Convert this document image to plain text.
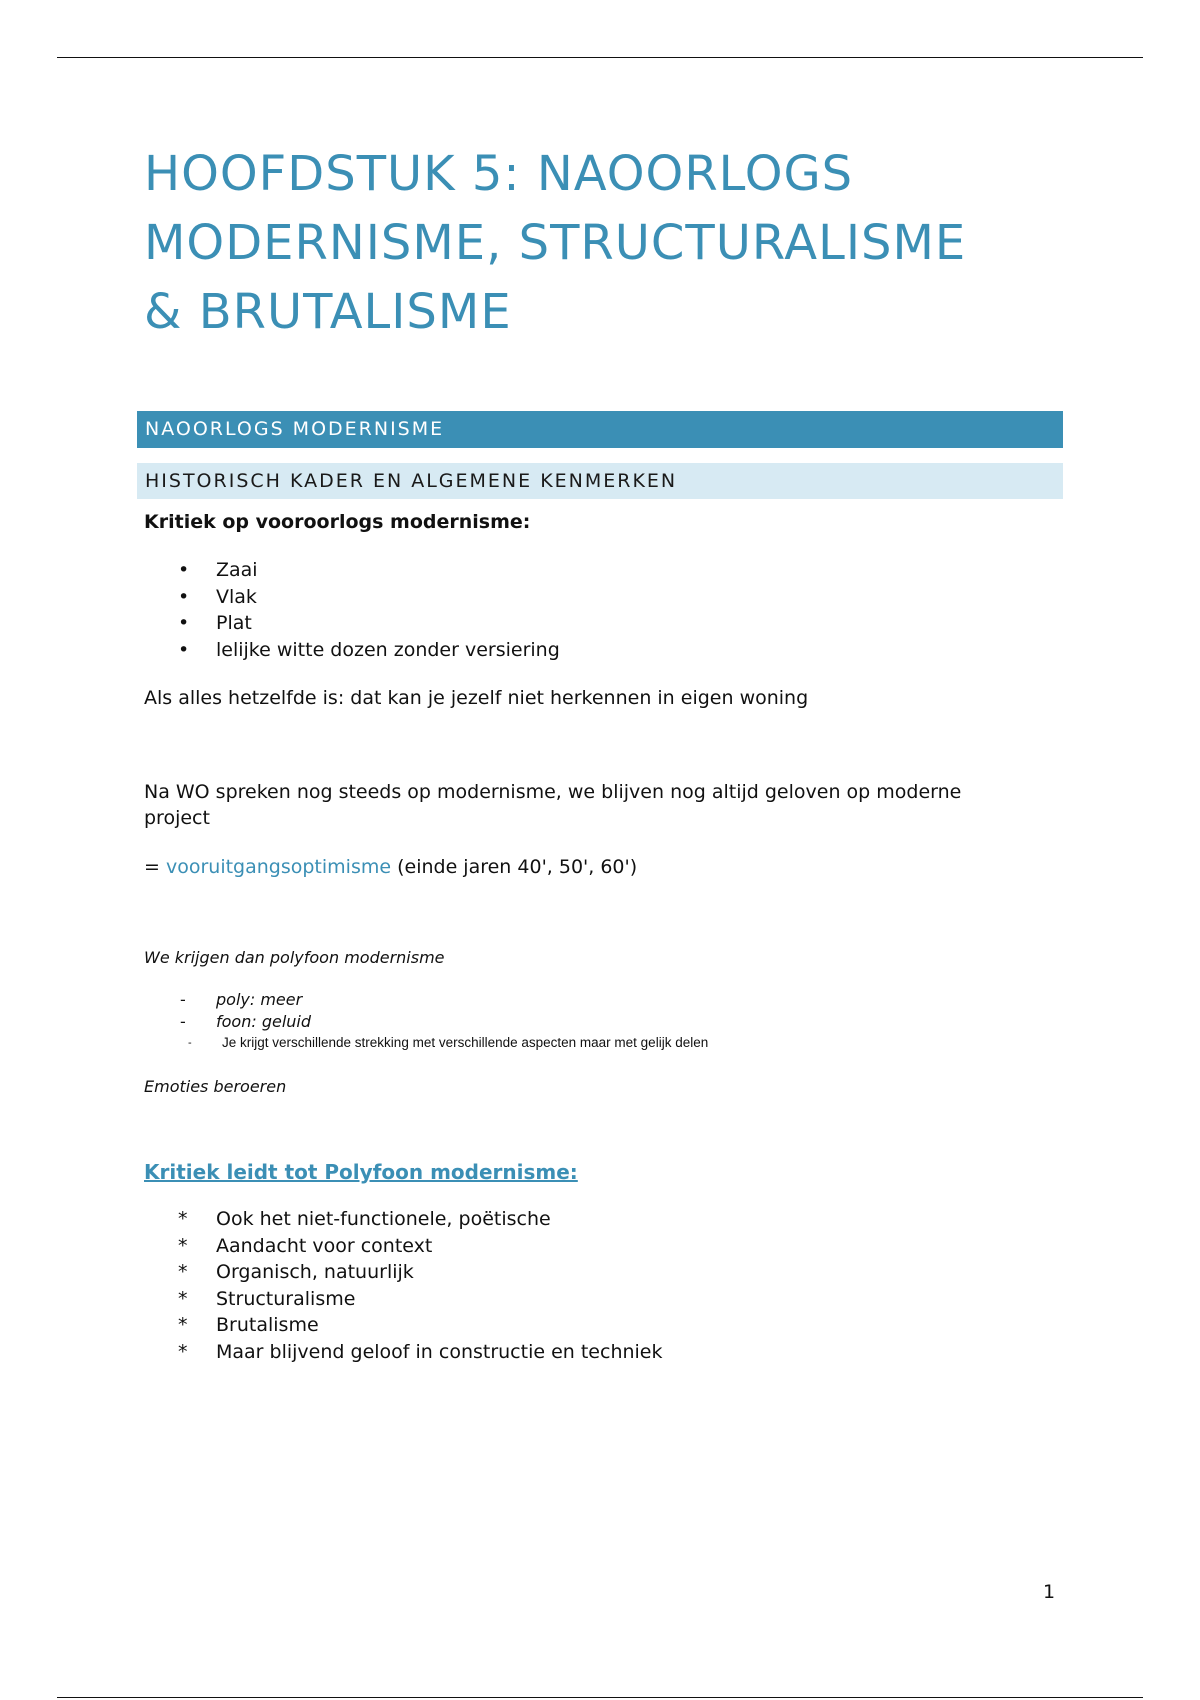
HOOFDSTUK 5: NAOORLOGS
MODERNISME, STRUCTURALISME
& BRUTALISME
NAOORLOGS MODERNISME
HISTORISCH KADER EN ALGEMENE KENMERKEN

Kritiek op vooroorlogs modernisme:

• Zaai
• Vlak
• Plat
• lelijke witte dozen zonder versiering

Als alles hetzelfde is: dat kan je jezelf niet herkennen in eigen woning

Na WO spreken nog steeds op modernisme, we blijven nog altijd geloven op moderne
project

= vooruitgangsoptimisme (einde jaren 40', 50', 60')

We krijgen dan polyfoon modernisme

- poly: meer
- foon: geluid
- Je krijgt verschillende strekking met verschillende aspecten maar met gelijk delen

Emoties beroeren

Kritiek leidt tot Polyfoon modernisme:

* Ook het niet-functionele, poëtische
* Aandacht voor context
* Organisch, natuurlijk
* Structuralisme
* Brutalisme
* Maar blijvend geloof in constructie en techniek
1
